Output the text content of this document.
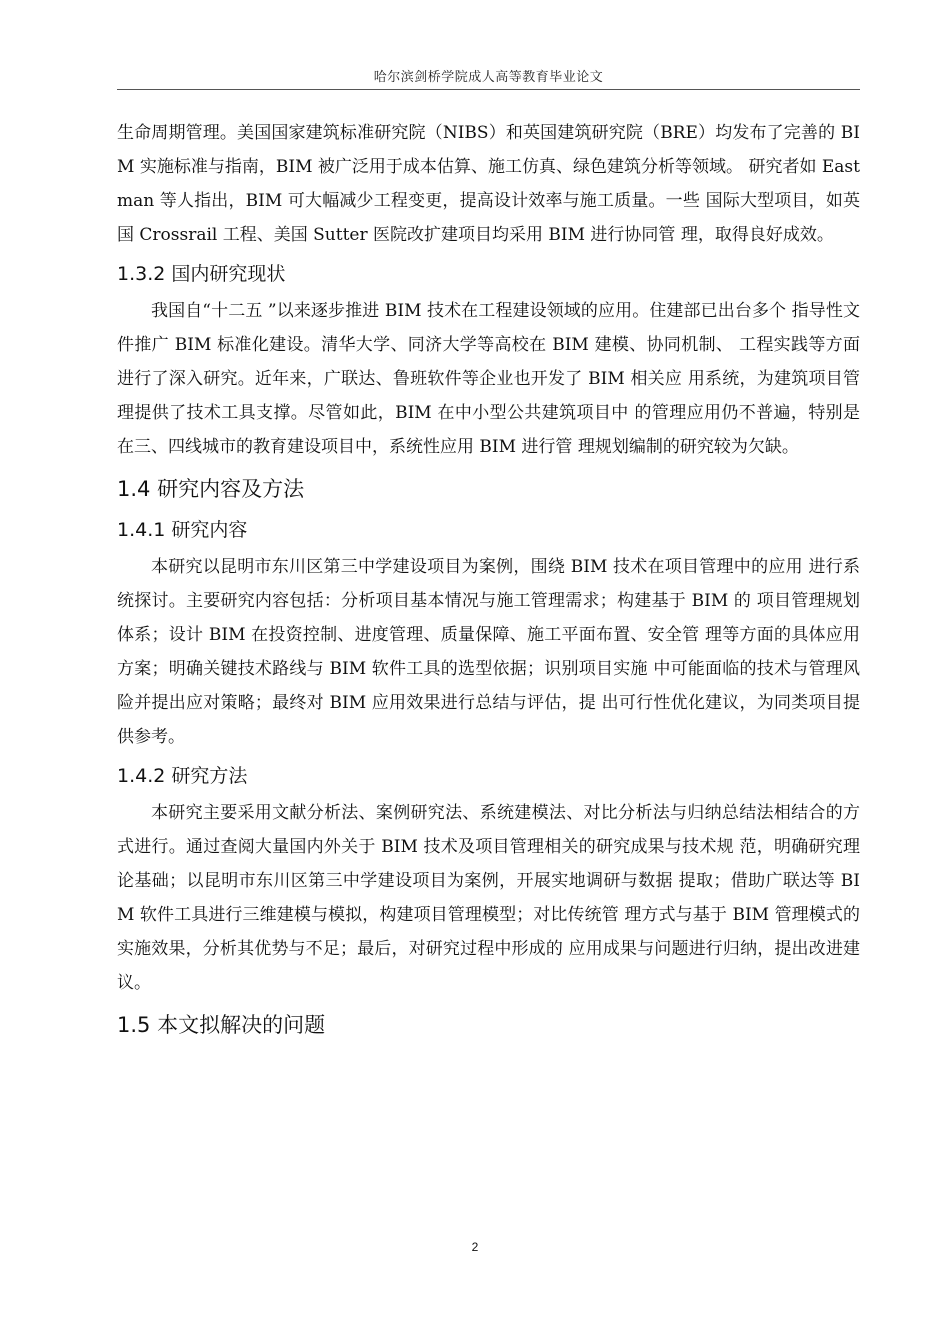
哈尔滨剑桥学院成人高等教育毕业论文

生命周期管理。美国国家建筑标准研究院（NIBS）和英国建筑研究院（BRE）均发布了完善的 BIM 实施标准与指南，BIM 被广泛用于成本估算、施工仿真、绿色建筑分析等领域。 研究者如 Eastman 等人指出，BIM 可大幅减少工程变更，提高设计效率与施工质量。一些 国际大型项目，如英国 Crossrail 工程、美国 Sutter 医院改扩建项目均采用 BIM 进行协同管 理，取得良好成效。

1.3.2 国内研究现状

我国自“十二五 ”以来逐步推进 BIM 技术在工程建设领域的应用。住建部已出台多个 指导性文件推广 BIM 标准化建设。清华大学、同济大学等高校在 BIM 建模、协同机制、 工程实践等方面进行了深入研究。近年来，广联达、鲁班软件等企业也开发了 BIM 相关应 用系统，为建筑项目管理提供了技术工具支撑。尽管如此，BIM 在中小型公共建筑项目中 的管理应用仍不普遍，特别是在三、四线城市的教育建设项目中，系统性应用 BIM 进行管 理规划编制的研究较为欠缺。

1.4 研究内容及方法
1.4.1 研究内容

本研究以昆明市东川区第三中学建设项目为案例，围绕 BIM 技术在项目管理中的应用 进行系统探讨。主要研究内容包括：分析项目基本情况与施工管理需求；构建基于 BIM 的 项目管理规划体系；设计 BIM 在投资控制、进度管理、质量保障、施工平面布置、安全管 理等方面的具体应用方案；明确关键技术路线与 BIM 软件工具的选型依据；识别项目实施 中可能面临的技术与管理风险并提出应对策略；最终对 BIM 应用效果进行总结与评估，提 出可行性优化建议，为同类项目提供参考。

1.4.2 研究方法

本研究主要采用文献分析法、案例研究法、系统建模法、对比分析法与归纳总结法相结合的方式进行。通过查阅大量国内外关于 BIM 技术及项目管理相关的研究成果与技术规 范，明确研究理论基础；以昆明市东川区第三中学建设项目为案例，开展实地调研与数据 提取；借助广联达等 BIM 软件工具进行三维建模与模拟，构建项目管理模型；对比传统管 理方式与基于 BIM 管理模式的实施效果，分析其优势与不足；最后，对研究过程中形成的 应用成果与问题进行归纳，提出改进建议。

1.5 本文拟解决的问题
2
